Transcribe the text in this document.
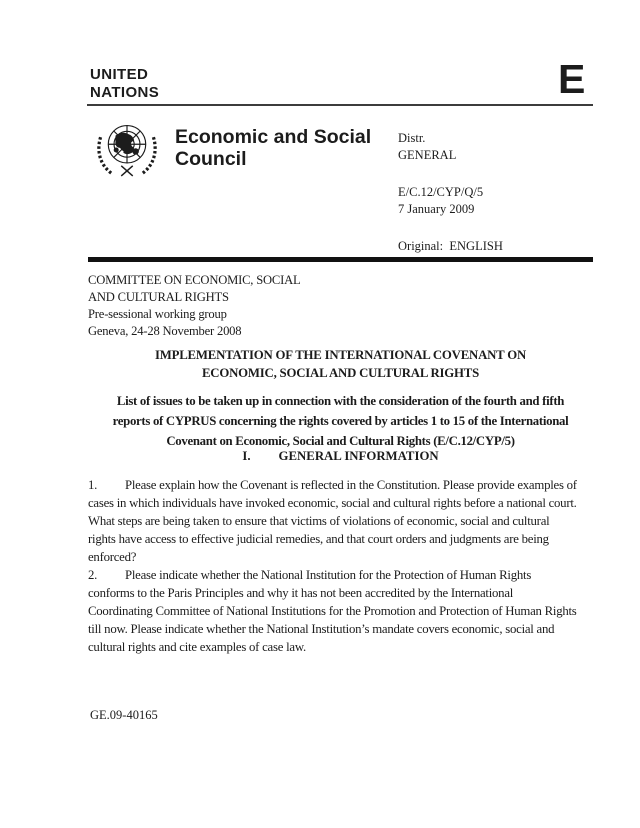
UNITED
NATIONS	E
Economic and Social
Council
Distr.
GENERAL
E/C.12/CYP/Q/5
7 January 2009
Original:  ENGLISH
COMMITTEE ON ECONOMIC, SOCIAL
AND CULTURAL RIGHTS
Pre-sessional working group
Geneva, 24-28 November 2008
IMPLEMENTATION OF THE INTERNATIONAL COVENANT ON
ECONOMIC, SOCIAL AND CULTURAL RIGHTS
List of issues to be taken up in connection with the consideration of the fourth and fifth
reports of CYPRUS concerning the rights covered by articles 1 to 15 of the International
Covenant on Economic, Social and Cultural Rights (E/C.12/CYP/5)
I. GENERAL INFORMATION
1. Please explain how the Covenant is reflected in the Constitution. Please provide examples of
cases in which individuals have invoked economic, social and cultural rights before a national court.
What steps are being taken to ensure that victims of violations of economic, social and cultural
rights have access to effective judicial remedies, and that court orders and judgments are being
enforced?
2. Please indicate whether the National Institution for the Protection of Human Rights
conforms to the Paris Principles and why it has not been accredited by the International
Coordinating Committee of National Institutions for the Promotion and Protection of Human Rights
till now. Please indicate whether the National Institution’s mandate covers economic, social and
cultural rights and cite examples of case law.
GE.09-40165
